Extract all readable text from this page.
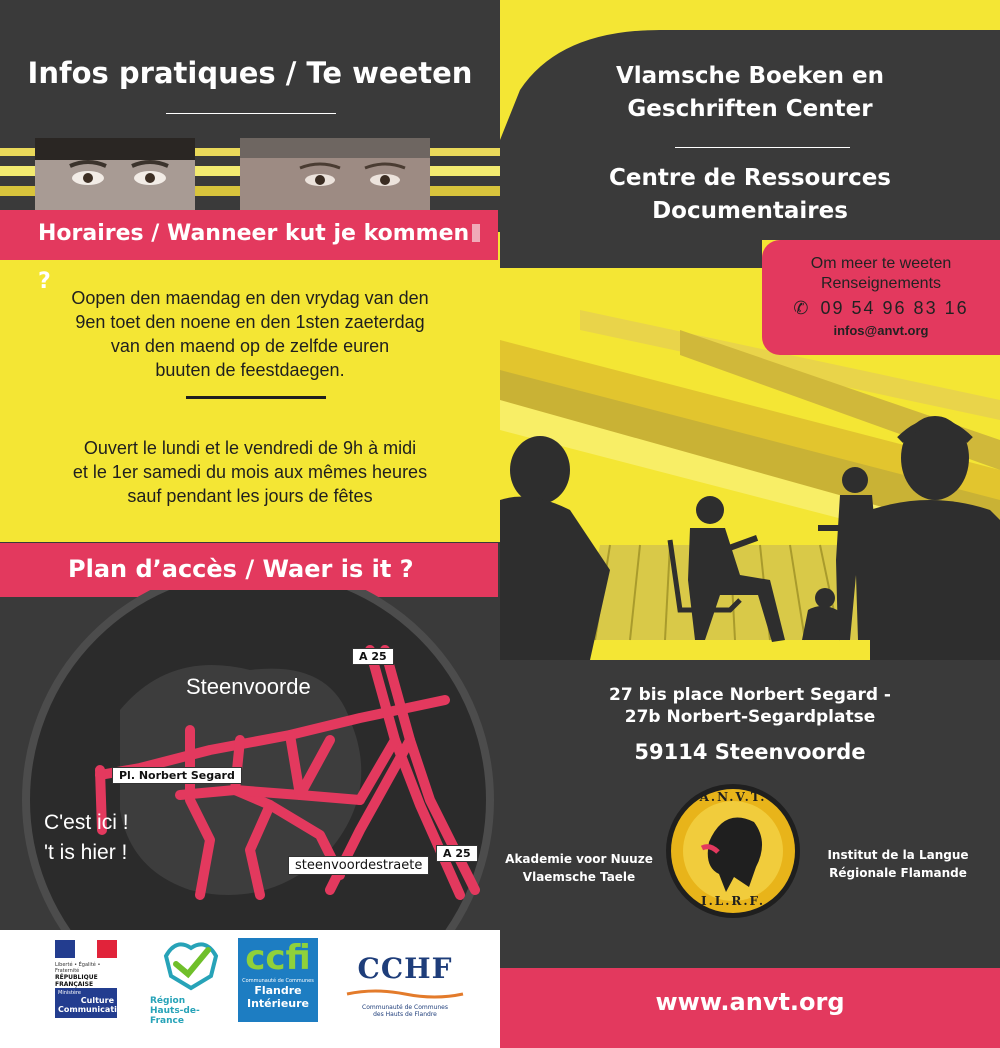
Infos pratiques / Te weeten
Horaires / Wanneer kut je kommen?
Oopen den maendag en den vrydag van den
9en toet den noene en den 1sten zaeterdag
van den maend op de zelfde euren
buuten de feestdaegen.
Ouvert le lundi et le vendredi de 9h à midi
et le 1er samedi du mois aux mêmes heures
sauf pendant les jours de fêtes
Plan d’accès / Waer is it ?
Steenvoorde
A 25
A 25
Pl. Norbert Segard
steenvoordestraete
C'est ici !
't is hier !
Liberté • Égalité • Fraternité
RÉPUBLIQUE FRANÇAISE
Ministère
Culture
Communication
Région
Hauts-de-France
ccfi
Communauté de Communes
Flandre
Intérieure
CCHF
Communauté de Communes
des Hauts de Flandre
Vlamsche Boeken en
Geschriften Center
Centre de Ressources
Documentaires
Om meer te weeten
Renseignements
✆ 09 54 96 83 16
infos@anvt.org
27 bis place Norbert Segard -
27b Norbert-Segardplatse
59114 Steenvoorde
Akademie voor Nuuze
Vlaemsche Taele
A.N.V.T.
I.L.R.F.
Institut de la Langue
Régionale Flamande
www.anvt.org
